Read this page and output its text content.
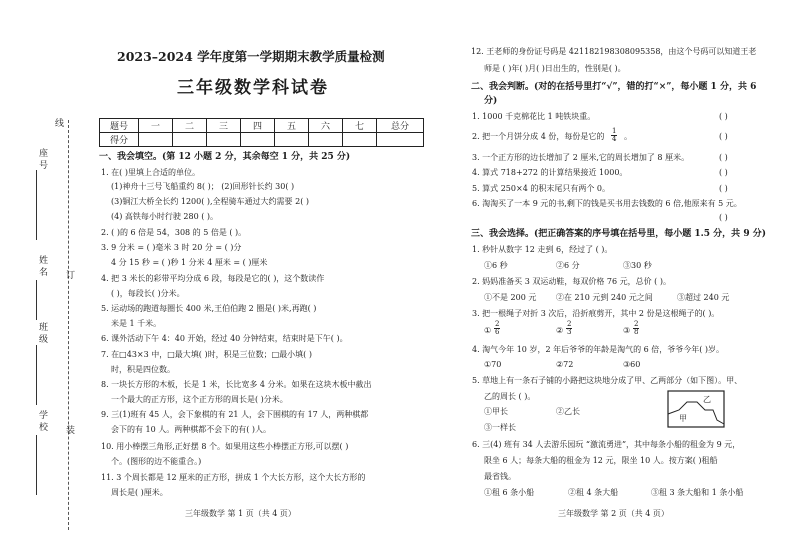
线
座 号
姓 名 订
班 级
学 校 装
2023–2024 学年度第一学期期末教学质量检测
三年级数学科试卷
题号	一	二	三	四	五	六	七	总分
得分								
一、我会填空。(第 12 小题 2 分，其余每空 1 分，共 25 分)
1. 在( )里填上合适的单位。
(1)神舟十三号飞船重约 8( )； (2)回形针长约 30( )
(3)铜江大桥全长约 1200( ),全程骑车通过大约需要 2( )
(4) 高铁每小时行驶 280 ( )。
2. ( )的 6 倍是 54，308 的 5 倍是 ( )。
3. 9 分米 = ( )毫米 3 时 20 分 = ( )分
4 分 15 秒 = ( )秒 1 分米 4 厘米 = ( )厘米
4. 把 3 米长的彩带平均分成 6 段，每段是它的( )，这个数读作
( )，每段长( )分米。
5. 运动场的跑道每圈长 400 米,王伯伯跑 2 圈是( )米,再跑( )
米是 1 千米。
6. 课外活动下午 4：40 开始，经过 40 分钟结束，结束时是下午( )。
7. 在□43×3 中，□最大填( )时，积是三位数；□最小填( )
时，积是四位数。
8. 一块长方形的木板，长是 1 米，长比宽多 4 分米。如果在这块木板中截出
一个最大的正方形，这个正方形的周长是( )分米。
9. 三(1)班有 45 人，会下象棋的有 21 人，会下围棋的有 17 人，两种棋都
会下的有 10 人。两种棋都不会下的有( )人。
10. 用小棒摆三角形,正好摆 8 个。如果用这些小棒摆正方形,可以摆( )
个。(图形的边不能重合。)
11. 3 个周长都是 12 厘米的正方形，拼成 1 个大长方形，这个大长方形的
周长是( )厘米。
三年级数学 第 1 页（共 4 页）
12. 王老师的身份证号码是 421182198308095358，由这个号码可以知道王老
师是 ( )年( )月( )日出生的，性别是( )。
二、我会判断。(对的在括号里打“√”，错的打“×”，每小题 1 分，共 6
分)
1. 1000 千克棉花比 1 吨铁块重。	( )
2. 把一个月饼分成 4 份，每份是它的 $\frac{1}{4}$ 。	( )
3. 一个正方形的边长增加了 2 厘米,它的周长增加了 8 厘米。	( )
4. 算式 718+272 的计算结果接近 1000。	( )
5. 算式 250×4 的积末尾只有两个 0。	( )
6. 淘淘买了一本 9 元的书,剩下的钱是买书用去钱数的 6 倍,他原来有 5 元。
( )
三、我会选择。(把正确答案的序号填在括号里，每小题 1.5 分，共 9 分)
1. 秒针从数字 12 走到 6，经过了 ( )。
①6 秒	②6 分	③30 秒
2. 妈妈准备买 3 双运动鞋，每双价格 76 元，总价 ( )。
①不是 200 元 ②在 210 元到 240 元之间	③超过 240 元
3. 把一根绳子对折 3 次后，沿折痕剪开，其中 2 份是这根绳子的( )。
① $\frac{2}{6}$	② $\frac{2}{3}$	③ $\frac{2}{8}$
4. 淘气今年 10 岁，2 年后爷爷的年龄是淘气的 6 倍，爷爷今年( )岁。
①70	②72	③60
5. 草地上有一条石子铺的小路把这块地分成了甲、乙两部分（如下图）。甲、
乙的周长 ( )。
①甲长	②乙长
③一样长
甲
乙
6. 三(4) 班有 34 人去游乐园玩 “激流勇进”，其中每条小船的租金为 9 元，
限坐 6 人；每条大船的租金为 12 元，限坐 10 人。按方案( )租船
最省钱。
①租 6 条小船	②租 4 条大船	③租 3 条大船和 1 条小船
三年级数学 第 2 页（共 4 页）
